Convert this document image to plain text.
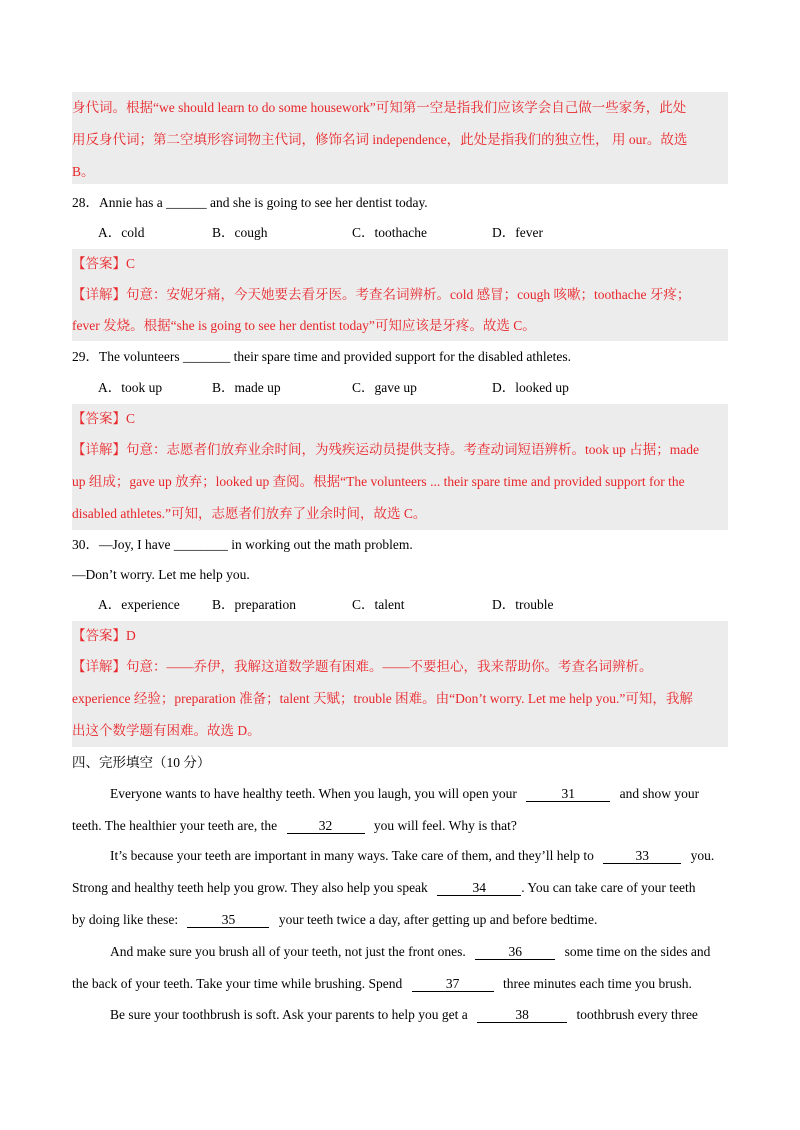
身代词。根据“we should learn to do some housework”可知第一空是指我们应该学会自己做一些家务，此处
用反身代词；第二空填形容词物主代词，修饰名词 independence，此处是指我们的独立性， 用 our。故选
B。
28．Annie has a ______ and she is going to see her dentist today.
A．cold	B．cough	C．toothache	D．fever
【答案】C
【详解】句意：安妮牙痛，今天她要去看牙医。考查名词辨析。cold 感冒；cough 咳嗽；toothache 牙疼；
fever 发烧。根据“she is going to see her dentist today”可知应该是牙疼。故选 C。
29．The volunteers _______ their spare time and provided support for the disabled athletes.
A．took up	B．made up	C．gave up	D．looked up
【答案】C
【详解】句意：志愿者们放弃业余时间，为残疾运动员提供支持。考查动词短语辨析。took up 占据；made
up 组成；gave up 放弃；looked up 查阅。根据“The volunteers ... their spare time and provided support for the
disabled athletes.”可知，志愿者们放弃了业余时间，故选 C。
30．—Joy, I have ________ in working out the math problem.
—Don’t worry. Let me help you.
A．experience B．preparation	C．talent	D．trouble
【答案】D
【详解】句意：——乔伊，我解这道数学题有困难。——不要担心，我来帮助你。考查名词辨析。
experience 经验；preparation 准备；talent 天赋；trouble 困难。由“Don’t worry. Let me help you.”可知，我解
出这个数学题有困难。故选 D。
四、完形填空（10 分）
Everyone wants to have healthy teeth. When you laugh, you will open your	31	and show your
teeth. The healthier your teeth are, the	32	you will feel. Why is that?
It’s because your teeth are important in many ways. Take care of them, and they’ll help to	33	you.
Strong and healthy teeth help you grow. They also help you speak	34	. You can take care of your teeth
by doing like these:	35	your teeth twice a day, after getting up and before bedtime.
And make sure you brush all of your teeth, not just the front ones.	36	some time on the sides and
the back of your teeth. Take your time while brushing. Spend	37	three minutes each time you brush.
Be sure your toothbrush is soft. Ask your parents to help you get a	38	toothbrush every three
